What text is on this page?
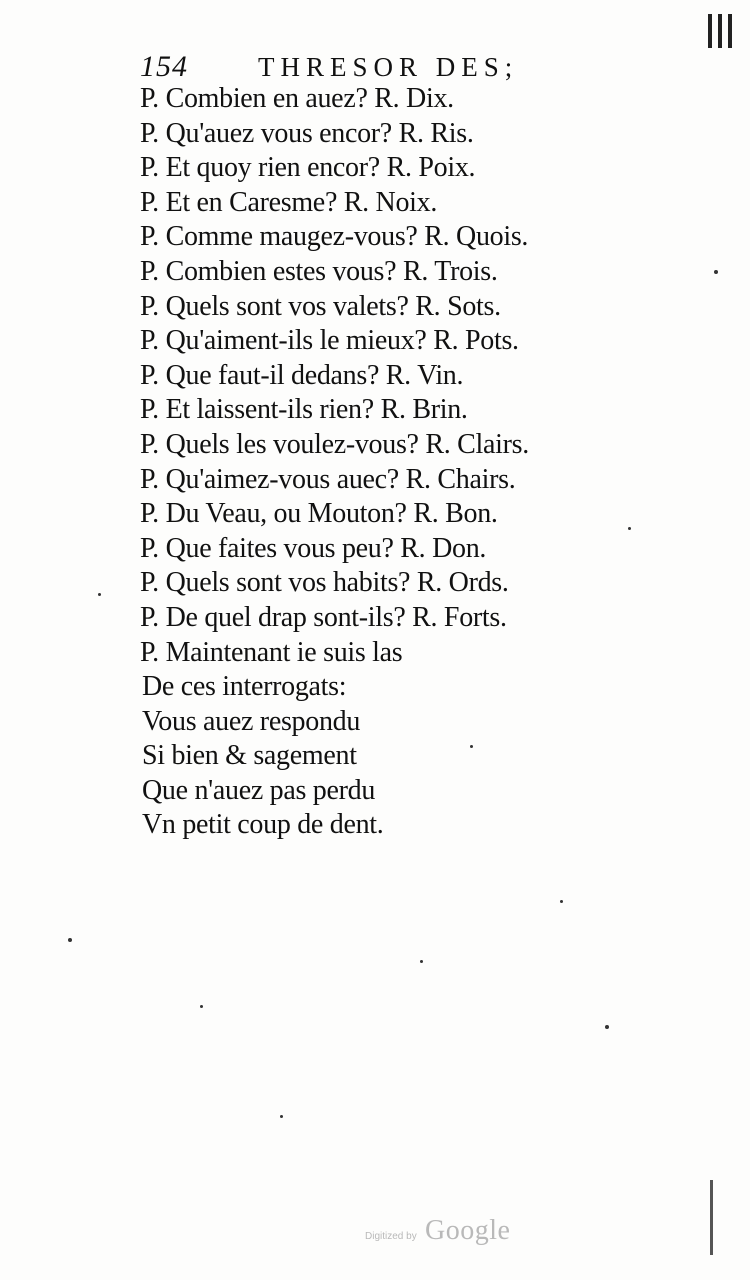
154	THRESOR DES;
P. Combien en auez? R. Dix.
P. Qu'auez vous encor? R. Ris.
P. Et quoy rien encor? R. Poix.
P. Et en Caresme? R. Noix.
P. Comme maugez-vous? R. Quois.
P. Combien estes vous? R. Trois.
P. Quels sont vos valets? R. Sots.
P. Qu'aiment-ils le mieux? R. Pots.
P. Que faut-il dedans? R. Vin.
P. Et laissent-ils rien? R. Brin.
P. Quels les voulez-vous? R. Clairs.
P. Qu'aimez-vous auec? R. Chairs.
P. Du Veau, ou Mouton? R. Bon.
P. Que faites vous peu? R. Don.
P. Quels sont vos habits? R. Ords.
P. De quel drap sont-ils? R. Forts.
P. Maintenant ie suis las
De ces interrogats:
Vous auez respondu
Si bien & sagement
Que n'auez pas perdu
Vn petit coup de dent.
Digitized by Google
